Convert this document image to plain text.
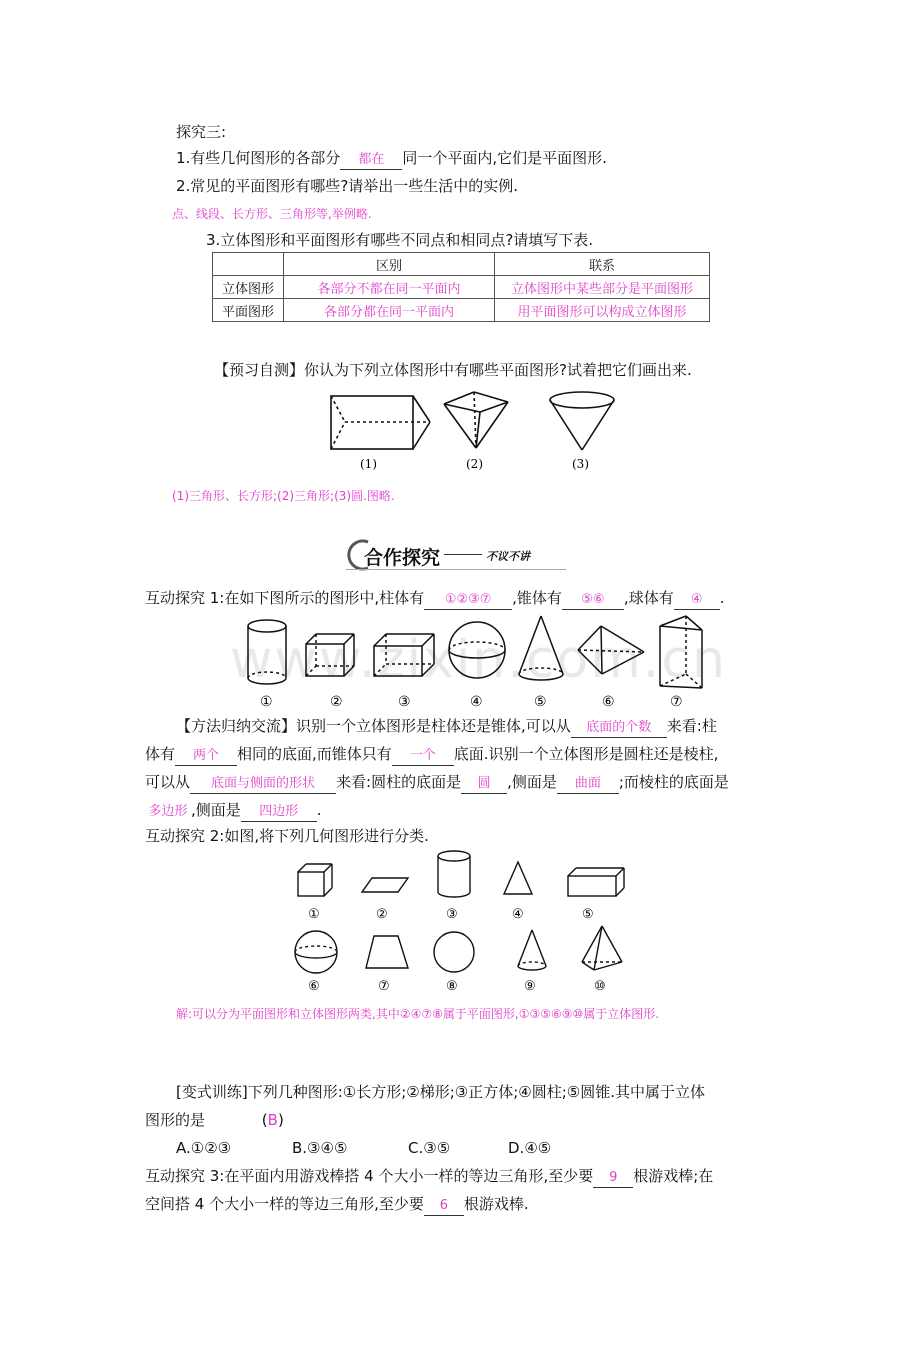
探究三:
1.有些几何图形的各部分 都在 同一个平面内,它们是平面图形.
2.常见的平面图形有哪些?请举出一些生活中的实例.
点、线段、长方形、三角形等,举例略.
3.立体图形和平面图形有哪些不同点和相同点?请填写下表.
	区别	联系
立体图形	各部分不都在同一平面内	立体图形中某些部分是平面图形
平面图形	各部分都在同一平面内	用平面图形可以构成立体图形
【预习自测】你认为下列立体图形中有哪些平面图形?试着把它们画出来.
(1)	(2)	(3)
(1)三角形、长方形;(2)三角形;(3)圆.图略.
合作探究	不议不讲
www.zixin.com.cn
互动探究 1:在如下图所示的图形中,柱体有 ①②③⑦ ,锥体有 ⑤⑥ ,球体有 ④ .
①	②	③	④	⑤	⑥	⑦
【方法归纳交流】识别一个立体图形是柱体还是锥体,可以从 底面的个数 来看:柱
体有 两个 相同的底面,而锥体只有 一个 底面.识别一个立体图形是圆柱还是棱柱,
可以从 底面与侧面的形状 来看:圆柱的底面是 圆 ,侧面是 曲面 ;而棱柱的底面是
多边形 ,侧面是 四边形 .
互动探究 2:如图,将下列几何图形进行分类.
①	②	③	④	⑤
⑥	⑦	⑧	⑨	⑩
解:可以分为平面图形和立体图形两类,其中②④⑦⑧属于平面图形,①③⑤⑥⑨⑩属于立体图形.
[变式训练]下列几种图形:①长方形;②梯形;③正方体;④圆柱;⑤圆锥.其中属于立体
图形的是	(B)
A.①②③	B.③④⑤	C.③⑤	D.④⑤
互动探究 3:在平面内用游戏棒搭 4 个大小一样的等边三角形,至少要 9 根游戏棒;在
空间搭 4 个大小一样的等边三角形,至少要 6 根游戏棒.
